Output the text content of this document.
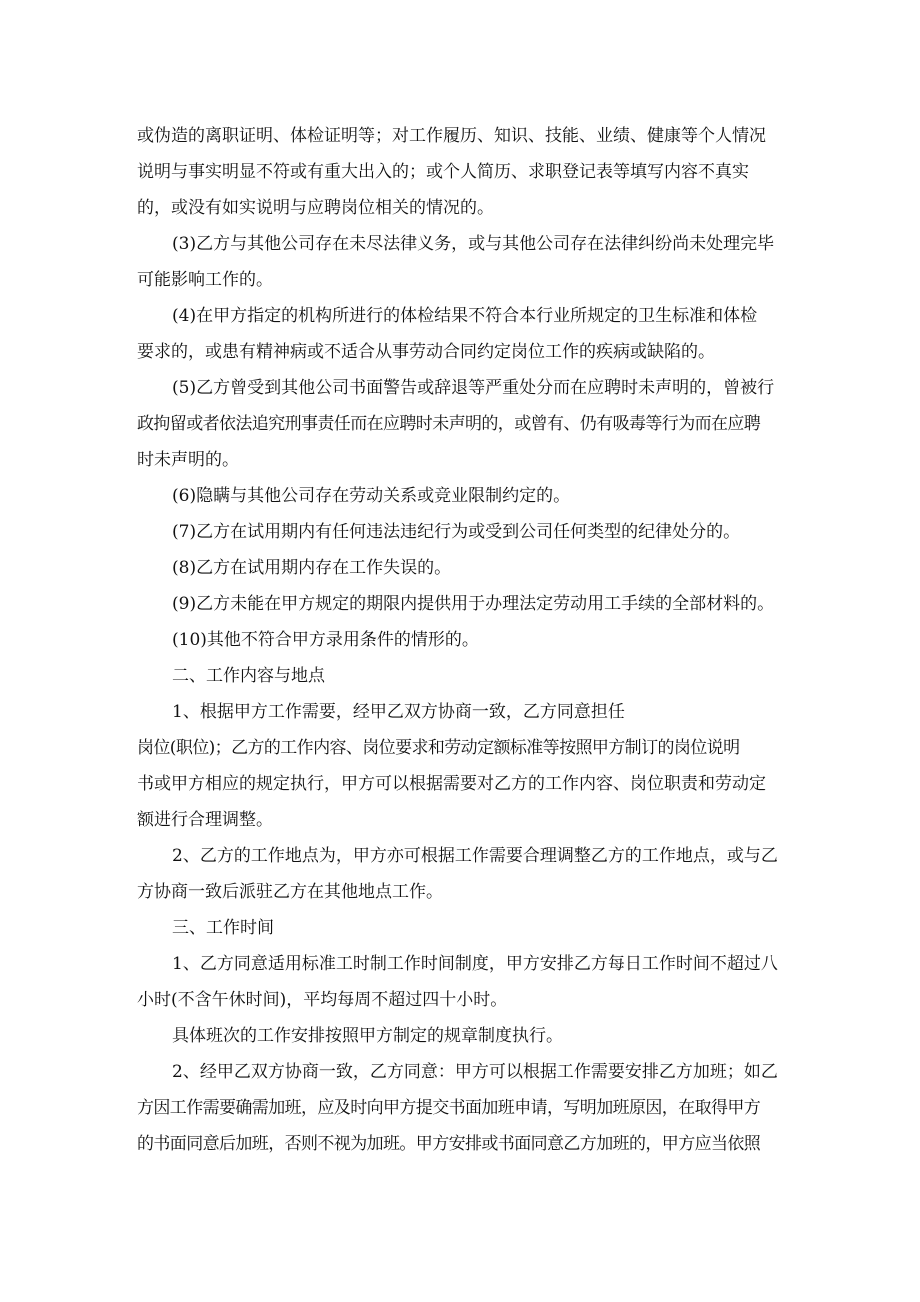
或伪造的离职证明、体检证明等；对工作履历、知识、技能、业绩、健康等个人情况
说明与事实明显不符或有重大出入的；或个人简历、求职登记表等填写内容不真实
的，或没有如实说明与应聘岗位相关的情况的。
(3)乙方与其他公司存在未尽法律义务，或与其他公司存在法律纠纷尚未处理完毕
可能影响工作的。
(4)在甲方指定的机构所进行的体检结果不符合本行业所规定的卫生标准和体检
要求的，或患有精神病或不适合从事劳动合同约定岗位工作的疾病或缺陷的。
(5)乙方曾受到其他公司书面警告或辞退等严重处分而在应聘时未声明的，曾被行
政拘留或者依法追究刑事责任而在应聘时未声明的，或曾有、仍有吸毒等行为而在应聘
时未声明的。
(6)隐瞒与其他公司存在劳动关系或竞业限制约定的。
(7)乙方在试用期内有任何违法违纪行为或受到公司任何类型的纪律处分的。
(8)乙方在试用期内存在工作失误的。
(9)乙方未能在甲方规定的期限内提供用于办理法定劳动用工手续的全部材料的。
(10)其他不符合甲方录用条件的情形的。
二、工作内容与地点
1、根据甲方工作需要，经甲乙双方协商一致，乙方同意担任
岗位(职位)；乙方的工作内容、岗位要求和劳动定额标准等按照甲方制订的岗位说明
书或甲方相应的规定执行，甲方可以根据需要对乙方的工作内容、岗位职责和劳动定
额进行合理调整。
2、乙方的工作地点为，甲方亦可根据工作需要合理调整乙方的工作地点，或与乙
方协商一致后派驻乙方在其他地点工作。
三、工作时间
1、乙方同意适用标准工时制工作时间制度，甲方安排乙方每日工作时间不超过八
小时(不含午休时间)，平均每周不超过四十小时。
具体班次的工作安排按照甲方制定的规章制度执行。
2、经甲乙双方协商一致，乙方同意：甲方可以根据工作需要安排乙方加班；如乙
方因工作需要确需加班，应及时向甲方提交书面加班申请，写明加班原因，在取得甲方
的书面同意后加班，否则不视为加班。甲方安排或书面同意乙方加班的，甲方应当依照
